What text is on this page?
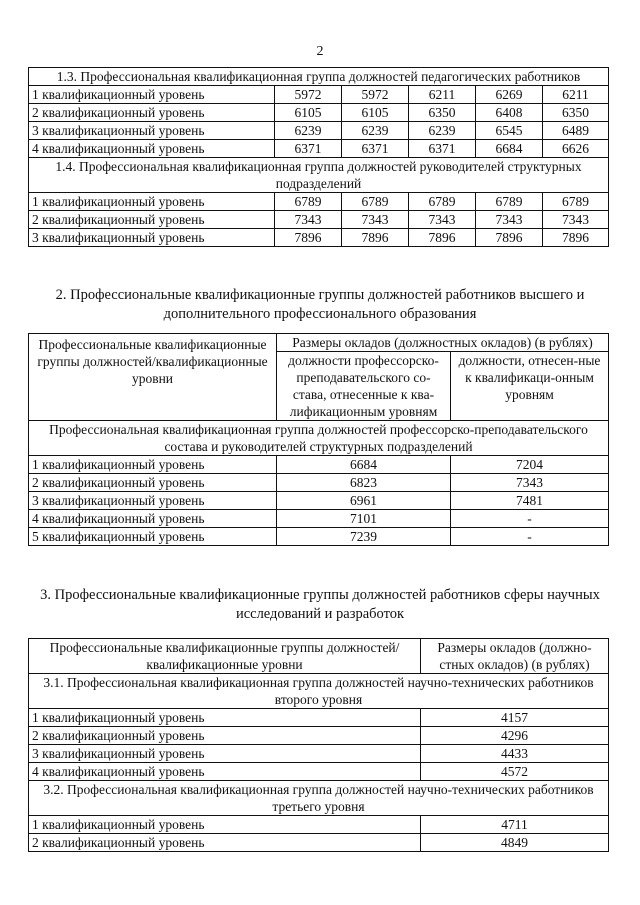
2
1.3. Профессиональная квалификационная группа должностей педагогических работников					
1 квалификационный уровень	5972	5972	6211	6269	6211
2 квалификационный уровень	6105	6105	6350	6408	6350
3 квалификационный уровень	6239	6239	6239	6545	6489
4 квалификационный уровень	6371	6371	6371	6684	6626
1.4. Профессиональная квалификационная группа должностей руководителей структурных подразделений					
1 квалификационный уровень	6789	6789	6789	6789	6789
2 квалификационный уровень	7343	7343	7343	7343	7343
3 квалификационный уровень	7896	7896	7896	7896	7896
2. Профессиональные квалификационные группы должностей работников высшего и дополнительного профессионального образования
Профессиональные квалификационные группы должностей/квалификационные уровни	Размеры окладов (должностных окладов) (в рублях)	
	должности профессорско-преподавательского со-става, отнесенные к ква-лификационным уровням	должности, отнесен-ные к квалификаци-онным уровням
Профессиональная квалификационная группа должностей профессорско-преподавательского состава и руководителей структурных подразделений		
1 квалификационный уровень	6684	7204
2 квалификационный уровень	6823	7343
3 квалификационный уровень	6961	7481
4 квалификационный уровень	7101	-
5 квалификационный уровень	7239	-
3. Профессиональные квалификационные группы должностей работников сферы научных исследований и разработок
Профессиональные квалификационные группы должностей/квалификационные уровни	Размеры окладов (должно-стных окладов) (в рублях)
3.1. Профессиональная квалификационная группа должностей научно-технических работников второго уровня	
1 квалификационный уровень	4157
2 квалификационный уровень	4296
3 квалификационный уровень	4433
4 квалификационный уровень	4572
3.2. Профессиональная квалификационная группа должностей научно-технических работников третьего уровня	
1 квалификационный уровень	4711
2 квалификационный уровень	4849
